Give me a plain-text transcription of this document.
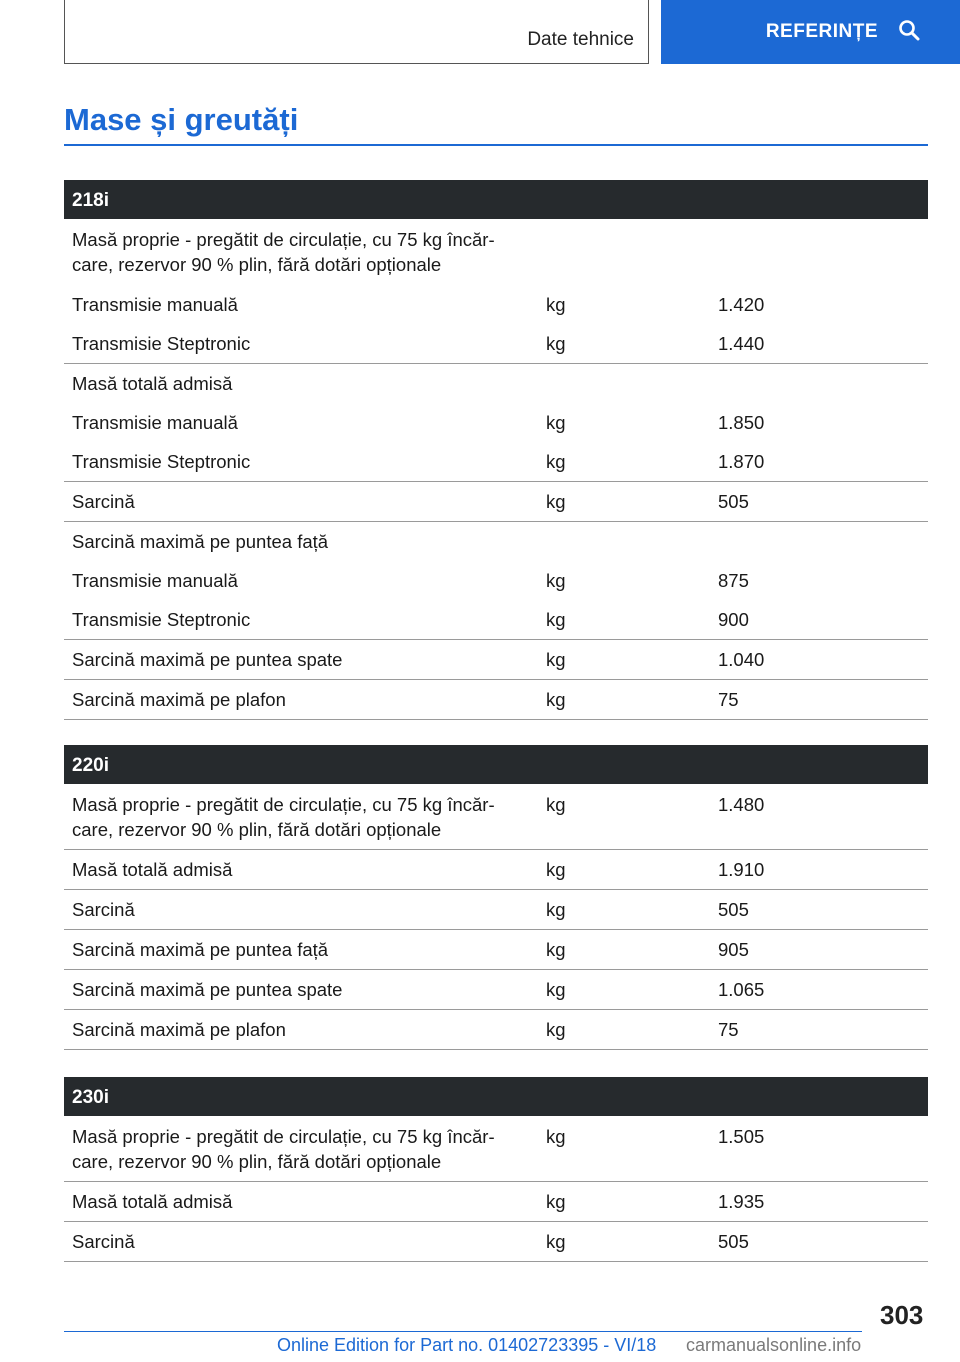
Date tehnice	REFERINȚE
Mase și greutăți
218i
Masă proprie - pregătit de circulație, cu 75 kg încăr‐
care, rezervor 90 % plin, fără dotări opționale
Transmisie manuală	kg	1.420
Transmisie Steptronic	kg	1.440
Masă totală admisă
Transmisie manuală	kg	1.850
Transmisie Steptronic	kg	1.870
Sarcină	kg	505
Sarcină maximă pe puntea față
Transmisie manuală	kg	875
Transmisie Steptronic	kg	900
Sarcină maximă pe puntea spate	kg	1.040
Sarcină maximă pe plafon	kg	75
220i
Masă proprie - pregătit de circulație, cu 75 kg încăr‐
care, rezervor 90 % plin, fără dotări opționale
kg	1.480
Masă totală admisă	kg	1.910
Sarcină	kg	505
Sarcină maximă pe puntea față	kg	905
Sarcină maximă pe puntea spate	kg	1.065
Sarcină maximă pe plafon	kg	75
230i
Masă proprie - pregătit de circulație, cu 75 kg încăr‐
care, rezervor 90 % plin, fără dotări opționale
kg	1.505
Masă totală admisă	kg	1.935
Sarcină	kg	505
303
Online Edition for Part no. 01402723395 - VI/18 carmanualsonline.info
